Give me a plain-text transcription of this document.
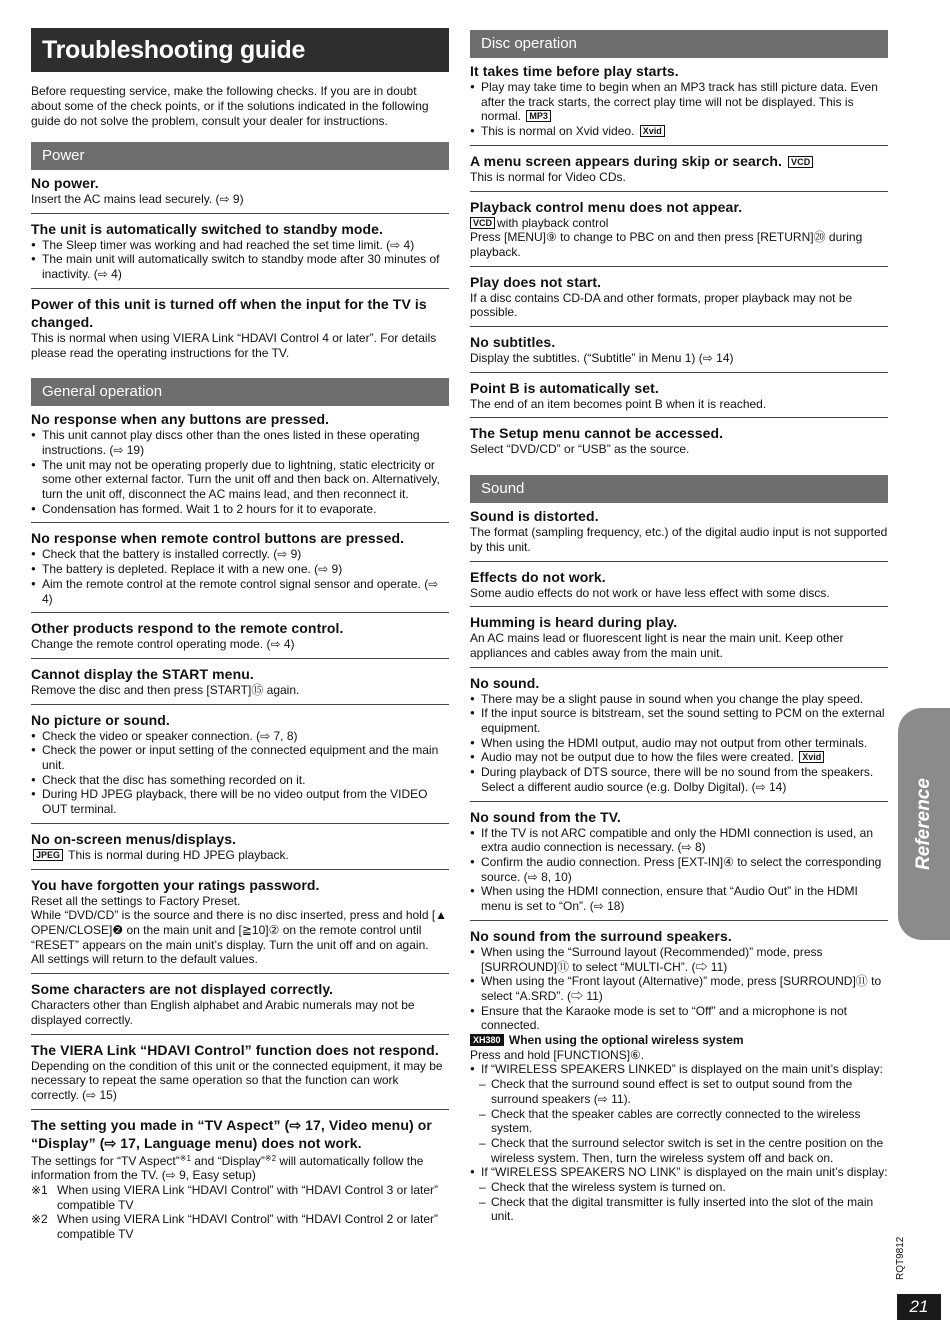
Troubleshooting guide
Before requesting service, make the following checks. If you are in doubt about some of the check points, or if the solutions indicated in the following guide do not solve the problem, consult your dealer for instructions.
Power
No power.
Insert the AC mains lead securely. (⇨ 9)
The unit is automatically switched to standby mode.
● The Sleep timer was working and had reached the set time limit. (⇨ 4)
● The main unit will automatically switch to standby mode after 30 minutes of inactivity. (⇨ 4)
Power of this unit is turned off when the input for the TV is changed.
This is normal when using VIERA Link “HDAVI Control 4 or later”. For details please read the operating instructions for the TV.
General operation
No response when any buttons are pressed.
● This unit cannot play discs other than the ones listed in these operating instructions. (⇨ 19)
● The unit may not be operating properly due to lightning, static electricity or some other external factor. Turn the unit off and then back on. Alternatively, turn the unit off, disconnect the AC mains lead, and then reconnect it.
● Condensation has formed. Wait 1 to 2 hours for it to evaporate.
No response when remote control buttons are pressed.
● Check that the battery is installed correctly. (⇨ 9)
● The battery is depleted. Replace it with a new one. (⇨ 9)
● Aim the remote control at the remote control signal sensor and operate. (⇨ 4)
Other products respond to the remote control.
Change the remote control operating mode. (⇨ 4)
Cannot display the START menu.
Remove the disc and then press [START]⑮ again.
No picture or sound.
● Check the video or speaker connection. (⇨ 7, 8)
● Check the power or input setting of the connected equipment and the main unit.
● Check that the disc has something recorded on it.
● During HD JPEG playback, there will be no video output from the VIDEO OUT terminal.
No on-screen menus/displays.
JPEG This is normal during HD JPEG playback.
You have forgotten your ratings password.
Reset all the settings to Factory Preset.
While “DVD/CD” is the source and there is no disc inserted, press and hold [▲ OPEN/CLOSE]❷ on the main unit and [≧10]② on the remote control until “RESET” appears on the main unit’s display. Turn the unit off and on again.
All settings will return to the default values.
Some characters are not displayed correctly.
Characters other than English alphabet and Arabic numerals may not be displayed correctly.
The VIERA Link “HDAVI Control” function does not respond.
Depending on the condition of this unit or the connected equipment, it may be necessary to repeat the same operation so that the function can work correctly. (⇨ 15)
The setting you made in “TV Aspect” (⇨ 17, Video menu) or “Display” (⇨ 17, Language menu) does not work.
The settings for “TV Aspect”$^{※1}$ and “Display”$^{※2}$ will automatically follow the information from the TV. (⇨ 9, Easy setup)
※1 When using VIERA Link “HDAVI Control” with “HDAVI Control 3 or later” compatible TV
※2 When using VIERA Link “HDAVI Control” with “HDAVI Control 2 or later” compatible TV
Disc operation
It takes time before play starts.
● Play may take time to begin when an MP3 track has still picture data. Even after the track starts, the correct play time will not be displayed. This is normal. MP3
● This is normal on Xvid video. Xvid
A menu screen appears during skip or search. VCD
This is normal for Video CDs.
Playback control menu does not appear.
VCD with playback control
Press [MENU]⑨ to change to PBC on and then press [RETURN]⑳ during playback.
Play does not start.
If a disc contains CD-DA and other formats, proper playback may not be possible.
No subtitles.
Display the subtitles. (“Subtitle” in Menu 1) (⇨ 14)
Point B is automatically set.
The end of an item becomes point B when it is reached.
The Setup menu cannot be accessed.
Select “DVD/CD” or “USB” as the source.
Sound
Sound is distorted.
The format (sampling frequency, etc.) of the digital audio input is not supported by this unit.
Effects do not work.
Some audio effects do not work or have less effect with some discs.
Humming is heard during play.
An AC mains lead or fluorescent light is near the main unit. Keep other appliances and cables away from the main unit.
No sound.
● There may be a slight pause in sound when you change the play speed.
● If the input source is bitstream, set the sound setting to PCM on the external equipment.
● When using the HDMI output, audio may not output from other terminals.
● Audio may not be output due to how the files were created. Xvid
● During playback of DTS source, there will be no sound from the speakers. Select a different audio source (e.g. Dolby Digital). (⇨ 14)
No sound from the TV.
● If the TV is not ARC compatible and only the HDMI connection is used, an extra audio connection is necessary. (⇨ 8)
● Confirm the audio connection. Press [EXT-IN]④ to select the corresponding source. (⇨ 8, 10)
● When using the HDMI connection, ensure that “Audio Out” in the HDMI menu is set to “On”. (⇨ 18)
No sound from the surround speakers.
● When using the “Surround layout (Recommended)” mode, press [SURROUND]⑪ to select “MULTI-CH”. (⇨ 11)
● When using the “Front layout (Alternative)” mode, press [SURROUND]⑪ to select “A.SRD”. (⇨ 11)
● Ensure that the Karaoke mode is set to “Off” and a microphone is not connected.
XH380 When using the optional wireless system
Press and hold [FUNCTIONS]⑥.
● If “WIRELESS SPEAKERS LINKED” is displayed on the main unit’s display:
– Check that the surround sound effect is set to output sound from the surround speakers (⇨ 11).
– Check that the speaker cables are correctly connected to the wireless system.
– Check that the surround selector switch is set in the centre position on the wireless system. Then, turn the wireless system off and back on.
● If “WIRELESS SPEAKERS NO LINK” is displayed on the main unit’s display:
– Check that the wireless system is turned on.
– Check that the digital transmitter is fully inserted into the slot of the main unit.
Reference
RQT9812
21
